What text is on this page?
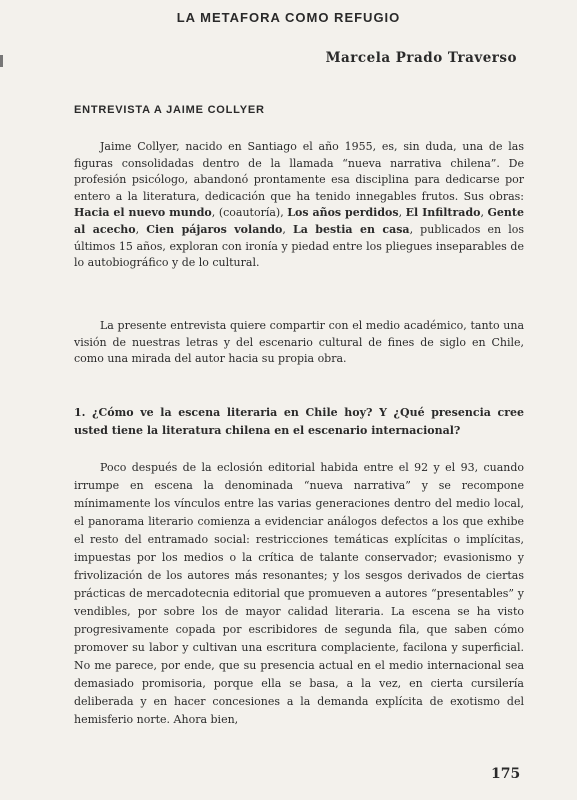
LA METAFORA COMO REFUGIO
Marcela Prado Traverso
ENTREVISTA A JAIME COLLYER

Jaime Collyer, nacido en Santiago el año 1955, es, sin duda, una de las figuras consolidadas dentro de la llamada “nueva narrativa chilena”. De profesión psicólogo, abandonó prontamente esa disciplina para dedicarse por entero a la literatura, dedicación que ha tenido innegables frutos. Sus obras: Hacia el nuevo mundo, (coautoría), Los años perdidos, El Infiltrado, Gente al acecho, Cien pájaros volando, La bestia en casa, publicados en los últimos 15 años, exploran con ironía y piedad entre los pliegues inseparables de lo autobiográfico y de lo cultural.

La presente entrevista quiere compartir con el medio académico, tanto una visión de nuestras letras y del escenario cultural de fines de siglo en Chile, como una mirada del autor hacia su propia obra.

1. ¿Cómo ve la escena literaria en Chile hoy? Y ¿Qué presencia cree usted tiene la literatura chilena en el escenario internacional?

Poco después de la eclosión editorial habida entre el 92 y el 93, cuando irrumpe en escena la denominada “nueva narrativa” y se recompone mínimamente los vínculos entre las varias generaciones dentro del medio local, el panorama literario comienza a evidenciar análogos defectos a los que exhibe el resto del entramado social: restricciones temáticas explícitas o implícitas, impuestas por los medios o la crítica de talante conservador; evasionismo y frivolización de los autores más resonantes; y los sesgos derivados de ciertas prácticas de mercadotecnia editorial que promueven a autores “presentables” y vendibles, por sobre los de mayor calidad literaria. La escena se ha visto progresivamente copada por escribidores de segunda fila, que saben cómo promover su labor y cultivan una escritura complaciente, facilona y superficial. No me parece, por ende, que su presencia actual en el medio internacional sea demasiado promisoria, porque ella se basa, a la vez, en cierta cursilería deliberada y en hacer concesiones a la demanda explícita de exotismo del hemisferio norte. Ahora bien,

175
